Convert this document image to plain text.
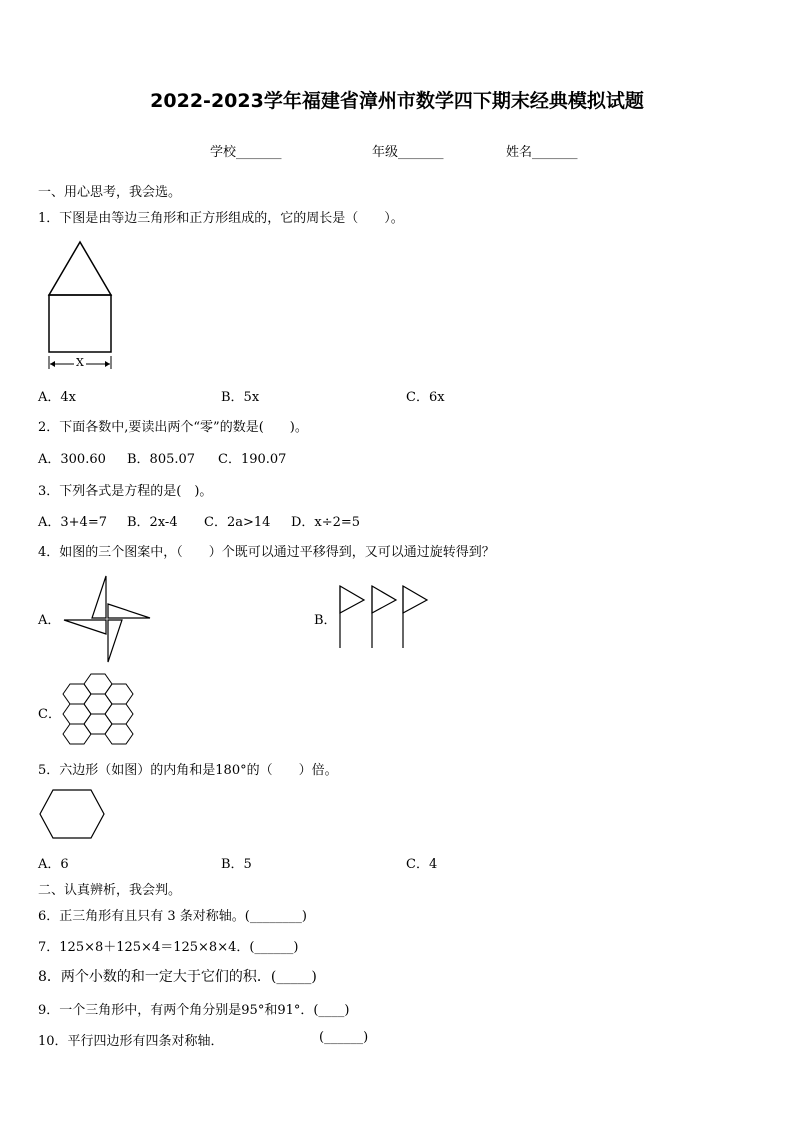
2022-2023学年福建省漳州市数学四下期末经典模拟试题
学校_______	年级_______	姓名_______
一、用心思考，我会选。
1．下图是由等边三角形和正方形组成的，它的周长是（　　）。
X
A．4x	B．5x	C．6x
2．下面各数中,要读出两个“零”的数是(　　)。
A．300.60 B．805.07 C．190.07
3．下列各式是方程的是(　)。
A．3+4=7 B．2x-4 C．2a>14 D．x÷2=5
4．如图的三个图案中，（　　）个既可以通过平移得到，又可以通过旋转得到？
A．	B．
C．
5．六边形（如图）的内角和是180°的（　　）倍。
A．6	B．5	C．4
二、认真辨析，我会判。
6．正三角形有且只有 3 条对称轴。(________)
7．125×8＋125×4＝125×8×4．(______)
8．两个小数的和一定大于它们的积．(_____)
9．一个三角形中，有两个角分别是95°和91°．(____)
10．平行四边形有四条对称轴．	(______)
